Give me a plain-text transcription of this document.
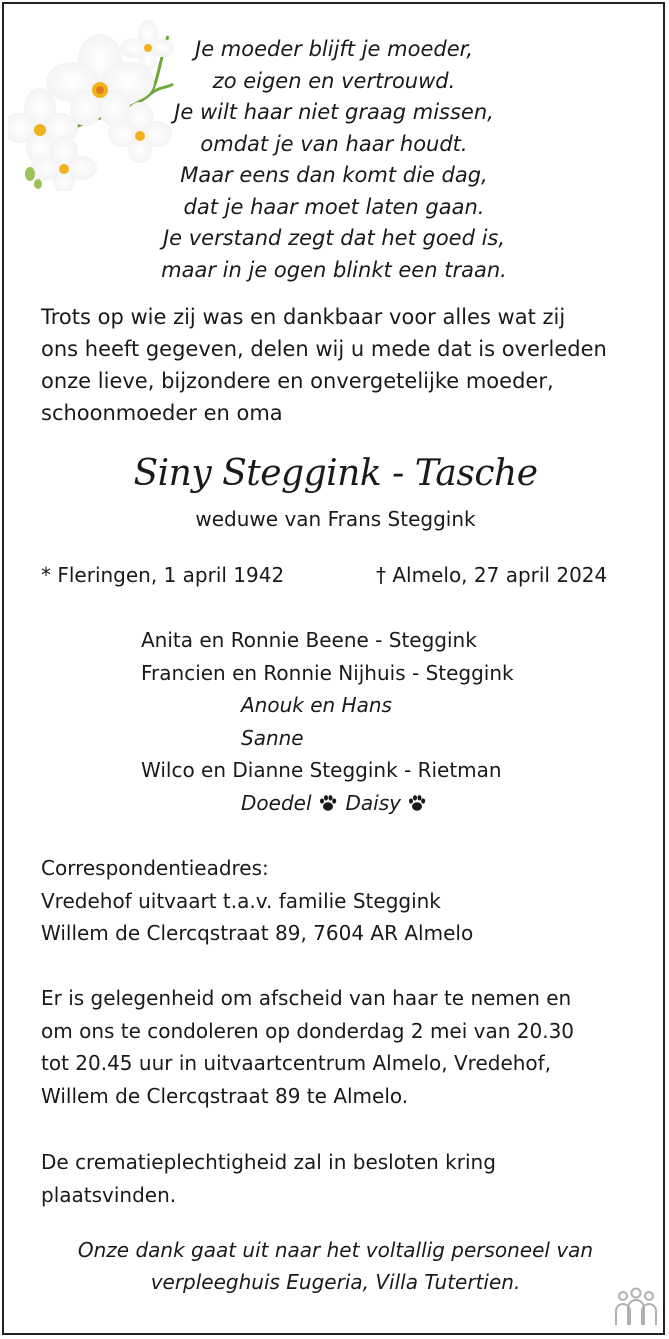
Je moeder blijft je moeder,
zo eigen en vertrouwd.
Je wilt haar niet graag missen,
omdat je van haar houdt.
Maar eens dan komt die dag,
dat je haar moet laten gaan.
Je verstand zegt dat het goed is,
maar in je ogen blinkt een traan.
Trots op wie zij was en dankbaar voor alles wat zij
ons heeft gegeven, delen wij u mede dat is overleden
onze lieve, bijzondere en onvergetelijke moeder,
schoonmoeder en oma
Siny Steggink - Tasche
weduwe van Frans Steggink
* Fleringen, 1 april 1942	† Almelo, 27 april 2024
Anita en Ronnie Beene - Steggink
Francien en Ronnie Nijhuis - Steggink
Anouk en Hans
Sanne
Wilco en Dianne Steggink - Rietman
Doedel Daisy
Correspondentieadres:
Vredehof uitvaart t.a.v. familie Steggink
Willem de Clercqstraat 89, 7604 AR Almelo
Er is gelegenheid om afscheid van haar te nemen en
om ons te condoleren op donderdag 2 mei van 20.30
tot 20.45 uur in uitvaartcentrum Almelo, Vredehof,
Willem de Clercqstraat 89 te Almelo.
De crematieplechtigheid zal in besloten kring
plaatsvinden.
Onze dank gaat uit naar het voltallig personeel van
verpleeghuis Eugeria, Villa Tutertien.
